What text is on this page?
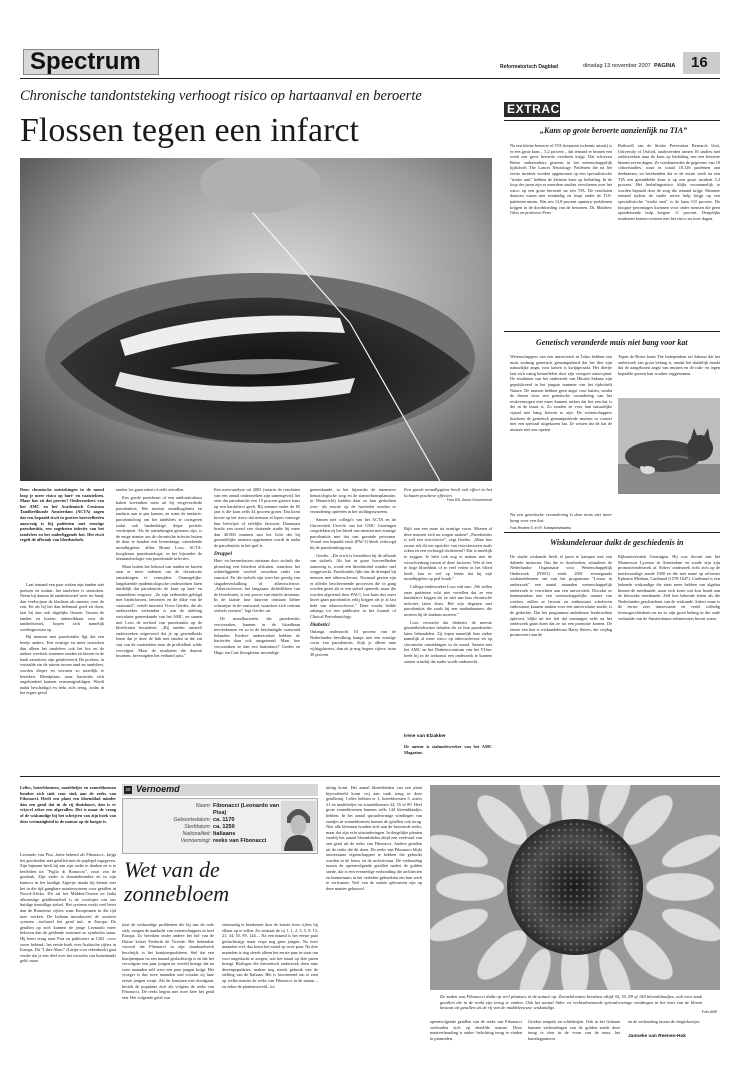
Spectrum	Reformatorisch Dagblad	dinsdag 13 november 2007 PAGINA 16
Chronische tandontsteking verhoogt risico op hartaanval en beroerte
Flossen tegen een infarct
Door chronische ontstekingen in de mond loop je meer risico op hart- en vaatziekten. Maar hoe zit dat precies? Onderzoekers van het AMC en het Academisch Centrum Tandheelkunde Amsterdam (ACTA) zagen dat een bepaald eiwit in grotere hoeveelheden aanwezig is bij patiënten met ernstige parodontitis, een zogeheten infectie van het tandvlees en het onderliggende bot. Het eiwit regelt de afbraak van bloedstolsels.

Laat iemand een paar weken zijn tanden niet poetsen en zodaar, het tandvlees is ontstoken. Neem bij daarna de tandenborstel weer ter hand, dan verdwijnen de klachten als sneeuw voor de zon. En als bij het dan helemaal goed zit doen, laat hij dan ook dagelijks flossen. Tussen de tanden en kiezen, onbereikbaar voor de tandenborstel, hopen zich namelijk voedingsresten op.

Bij mensen met parodontitis ligt dat een beetje anders. Een ernstige en meer ontstoken dan alleen het tandvlees ook het bot en de andere weefsels waarmee tanden en kiezen in de kaak vastzitten, zijn geïnfecteerd. De pockets, in vertaalde zin de ruimte tussen tand en tandvlees, worden dieper en wermen zo moeilijk te bereiken. Bloedplaats waar bacteriën zich ongehinderd kunnen vermenigvuldigen. Wordt nadat beschadigd en trekt zich terug, zodat in het ergste geval

tanden los gaan zitten of zelfs uitvallen.

Een goede poetsbeurt of een antibioticakuur baken bovendien niets uit bij vergevorderde parodontitis. Het moeten mondhygiënist en tandarts aan te pas komen, en soms de tandarts-parodontoloog om het tandvlees te corrigeren zodat ook hardnekkige, diepe pockets verdwijnen. Als de ontstekingen genezen zijn, is de enige manier om de chronische infectie buiten de deur te houden een levenslange, uitstekende mondhygiëne, aldus Bruno Loos, ACTA-hoogleraar parodontologie, in het bijzonder de immunobiologie van parodontale infecties.

Maar buiten het behoud van tanden en kiezen zien er meer redenen om de chronische ontstekingen te vermijden. Onmogelijke, langdurende epidemiologische onderzoeken laten duidelijk dat parodontitis de kans op hart- en vaatziekten vergroot. „Ze zijn verbonden geldigd met hartinfarcten, beroertes en de dikte van de vaatwand”, vertelt internist Victor Gerdes, die als onderzoeker verbonden is aan de afdeling vasculaire geneeskunde van het AMC. en samen met Loos de invloed van parodontitis op de bloedvaten bestudeert. „Bij tanden uitsterft onderzoeken uitgevoerd dat je op gezondheids lenen dat je deze de link met tanden in die zin van van de vaatziekten naar de prolfielbak wilde vervolgen. Maar de resultaten die daaruit kwamen, bevestigden het verband juist.”

Een meta-analyse uit 2003 (waarin de resultaten van een aantal onderzoeken zijn samengevat) liet zien dat parodontitis een 19 procent grotere kans op een hartinfarct geeft. Bij mensen onder de 65 jaar is die kans zelfs 44 procent groter. Dat komt boven op het risico dat mensen al lopen vanwege hun leefwijze of erfelijke factoren. Daarnaast bracht een tweed vier duizende studie bij meer dan 40.000 mannen aan het licht dat bij gezondelijke mensen opgenomen wordt in nadat de parodontitis in het spel is.

Druppel

Hart- en hersenfarcten ontstaan door stolsels die plotseling een bloedvat afsluiten, waardoor het achterliggende weefsel verstoken raakt van zuurstof. En die stolsels zijn weer het gevolg van slagaderverkalking of atherosclerose. „Atherosclerose, het langzaam dichtslibben van de bloedvaten, is een proces van enkele decennia. In de laatste fase daarvan ontstaan kleine scheurtjes in de vaatwand, waardoor zich continu stolsels vormen”, legt Gerdes uit.

De mondbacteriën die parodontitis veroorzaken, kunnen in de bloedbaan terechtkomen en zo in de beschadigde vaatwand belanden. Eerdere onderzoeken hebben de bacteriën daar ook aangetoond. Maar hoe veroorzaken ze dan een hartinfarct? Gerdes en Hugo ten Cate (hoogleraar inwendige

geneeskunde, in het bijzonder de intensieve hematologische zorg en de stamceltransplantatie, in Maastricht) hadden daar zo hun gedachten over: als reactie op de bacteriën zouden er verandering optreden in het stollingssysteem.

Samen met collega's van het ACTA en de Universiteit Utrecht van het UMC Groningen vergelekten zij het bloed van mensen met ernstige parodontitis met dat van gezonde personen. Vooral een bepaald eiwit (PAI-1) bleek verhoogd bij de parodontitisgroep.

Gerdes: „Dit eiwit is betrokken bij de afbraak van stolsels. Als het in grote hoeveelheden aanwezig is, wordt een bloedstolsel minder snel weggewerkt. Parodontitis lijkt dus de drempel bij mensen met atherosclerose. Normaal gezien zijn er allerlei beschermende processen die in gang worden gezet als er een stolsel optreedt, maar die worden afgeremd door PAI-1, hoe kans dus meer bezet gaan parodontitis erbij krijgen als je al last hebt van atherosclerose.” Deze vondst leidde onlangs tot een publicatie in het Journal of Clinical Periodontology.

Diabetici

Onlangs onderzocht 10 procent van de Nederlandse bevolking kampt met een ernstige vorm van parodontitis. Kijk je alleen naar vijftigplussers, dan zit je nog hogere cijfers: ruim 30 procent

Een goede mondhygiëne heeft ook effect in het lichaam positieve effecten.
Foto RD, Anton Dommerholt

Bijft aan een mate tot ernstige vorm. Moeten al deze mensen zich nu zorgen maken? „Parodontitis is zelf een risicofactor”, zegt Gerdes. „Maar hoe zwaar telt dit ten opzichte van risicofactoren zoals roken en een verhoogd cholesterol? Dat is moeilijk te zeggen. Je hebt ook nog te maken met de wisselwerking tussen al deze factoren. Wie al een te hoge bloeddruk of te veel vetten in het bloed heeft, kan er wel op letten dat hij zijn mondhygiëne op peil houdt.”

Collega-onderzoeker Loos valt aan: „We zullen onze patiënten echt niet vertellen dat ze een hartinfarct krijgen als ze niet aan hun chronische infecties laten doen. Het zijn degenen met parodontitis die zoals bij een tandenkunnen, die moeten bij de tandarts moeten.”

Loos verwacht dat diabetici de meeste gezondheidswinst behalen als ze hun parodontitis laten behandelen. Zij lopen namelijk hun ziekte namelijk al meer risico op atherosclerose en op chronische ontstekingen in de mond. Samen met het AMC en het Diabetescentrum van het VUmc heeft hij in de toekomst een onderzoek te kunnen starten waarbij dat nader wordt onderzocht.

Irene van Elzakker
De auteur is stafmedewerker van het AMC Magazine.
EXTRACT
„Kans op grote beroerte aanzienlijk na TIA”
Na een kleine beroerte of TIA (transient ischemic attack) is er een grote kans – 5,2 procent – dat iemand er binnen een week een grote beroerte overheen krijgt. Dat schreven Britse onderzoekers gisteren in het wetenschappelijk tijdschrift The Lancet Neurology. Patiënten die na het eerste incident worden opgenomen op een specialistische "stroke unit" hebben de kleinste kans op herhaling. In de loop der jaren zijn er meerdere studies verschenen over het risico op een grote beroerte na een TIA. De resultaten daarvan waren niet eenduidig en loopt onder de TIA-patiënten uiteen. Wat een 12,8 procent opnieuw problemen krijgen in de doorbloeding van de hersenen. Dr. Matthew Giles en professor Peter
Rothwell van de Stroke Prevention Research Unit, University of Oxford, analyseerden samen 18 studies met onderzoeken naar de kans op herhaling van een beroerte binnen zeven dagen. Ze combineerden de gegevens van 18 cohortstudies, waar in totaal 10.126 patiënten aan deelnamen, en berekenden dat er de eerste week na een TIA een gemiddelde kans is op een groot incident 5,2 procent. Het herhalingsrisico blijkt voornamelijk te worden bepaald door de zorg die iemand krijgt. Wanneer iemand tijdens de studie eerste hulp krijgt op een specialistische "stroke unit" is de kans 0,9 procent. De hoogste percentages kwamen voor onder mensen die geen spoedeisende hulp kregen: 11 procent. Dergelijke resultaten komen overeen met het risico na twee dagen.
Genetisch veranderde muis niet bang voor kat
Wetenschappers van een universiteit in Tokio hebben een muis zodanig genetisch gemanipuleerd dat het dier zijn natuurlijke angst voor katten is kwijtgeraakt. Het diertje laat zich rustig besnuffelen door zijn vroegere aartsvijand. De resultaten van het onderzoek van Hitoshi Sakano zijn gepubliceerd in het jongste nummer van het tijdschrift Nature. De muizen hebben geen angst voor katten, omdat de dieren door een genetische verandering van het reukvermogen niet meer kunnen ruiken dat het een kat is die in de buurt is. Zo zouden ze voor hun natuurlijke vijand niet bang hoeven te zijn. De wetenschappers brachten de genetisch gemanipuleerde muizen in contact met een speciaal uitgekozen kat. Ze wisten dat de kat de muizen niet zou opeten.
Tegen de Britse krant The Independent zei Sakano dat het onderzoek van groot belang is, omdat het duidelijk maakt dat de aangeboren angst van muizen en de ruik- en tegen bepaalde geuren kan worden veggenomen.
Na een genetische verandering is deze muis niet meer bang voor een kat.
Foto Reuters S. en R. Kobayashi/naatha
Wiskundeleraar duikt de geschiedenis in
De studie wiskunde heeft al jaren te kampen met een dalende instroom. Om die te doorbreken, stimuleert de Nederlandse Organisatie voor Wetenschappelijk Onderzoek (NWO) sinds 2001 eerstegraads wiskundeleraren om van het programma "Leraar in onderzoek" een aantal maanden wetenschappelijk onderzoek te verrichten aan een universiteit. Doordat ze kennismaken met een wetenschappelijke manier van werken, zullen ze bewust en enthousiast scholieren enthousiast kunnen maken voor een universitaire studie, is de gedachte. Dat het programma ambitieuze leerkrachten oplevert, blijkt uit het feit dat sommigen zelfs na het onderzoek gaan doen dat ze tot een promotie komen. De eerste van hen is wiskundeleraar Harry Sitters, die vrijdag promoveert aan de
Rijksuniversiteit Groningen. Hij was docent aan het Montessori Lyceum in Amsterdam en ronde zijn zijn promotieonderzoek af. Sitters' onderzoek richt zich op de merkwaardige zonde 1900 en die met name op reformer Ephraim Meehan, Cardinaal (1578-1647). Cardinaal is een bekende wiskundige die niets meer hebben van algebra binnen de meetkunde, maar zich korte wat kort houdt aan de klassieke meetkunde. Zelf hen bekende feiten als die Nederlandse geschiedenis van de wiskunde. Sitters maar is de eerste zeer interessante en vertel volledig levensgeschiedenis en na zo zijn groot belang in die oude verhaalde van de Amsterdamse telemeesters boven water.
Lelies, boterbloemen, madeliefjes en zonnebloemen houden zich stuk voor stuk aan de reeks van Fibonacci. Heeft een plant een bloemblad minder dan een getal dat in de rij thuishoort, dan is er vrijwel zeker een afgevallen. Het is maar de vraag of de wiskundige bij het schrijven van zijn boek van deze wetmatigheid in de natuur op de hoogte is.
Leonardo van Pisa –beter bekend als Fibonacci– krijgt het gescheiden met getallen met de paplepel ingegeven. Zijn bijnaam heeft hij aan zijn vader te danken en is te herleiden tot "Figlio di Bonaccio", zoon van de goedzak. Zijn vader is douanebeambte en in zijn kantoor in het huidige Algerije maakt hij kennis met het in die tijd gangbare notatiesysteem voor getallen in Noord-Afrika. Dit uit het Midden-Oosten en India afkomstige getallenstelsel is de voorloper van ons huidige tientallige stelsel. Het systeem werkt veel beter dan de Romeinse cijfers waar Europeanen in die tijd mee werken. De Italiaan introduceert de oosterse systeem –inclusief het getal nul– in Europa. De getallen op zich kunnen de jonge Leonardo meer bekoren dan de geldende waarmee zo symbolen staan. Hij keert terug naar Pisa en publiceert in 1202 –voor zover bekend– het eerste boek over Arabische cijfers in Europa. Dit "Liber Abaci" (Latijn voor rekenboek) gaat verder dat je een deel over het wisselen van buitenlands geld, maar
20 Vernoemd
Naam:
Geboortedatum:
Sterfdatum:
Nationaliteit:
Vernoemingi:
Fibonacci (Leonardo van Pisa)
ca. 1170
ca. 1250
Italiaans
reeks van Fibonacci
Wet van de zonnebloem
juist de wiskundige problemen die hij aan de orde stelt, vangen de aandacht van wetenschappers in heel Europa. Zo bereiken onder andere het hof van de Duitse keizer Frederik de Tweede. Het bekendste voorval dat Fibonacci in zijn standaardwerk beschrijft, is het konijnenprobleem. Stel dat een konijnenpaar na een maand geslachtsrijp is en dat het vervolgens een paar jongen ter wereld brengt, dat na twee maanden zelf weer een paar jongen krijgt. Het vroeger is dus twee maanden oud voordat zij haar eerste jongen werpt. Als de konijnen niet doodgaan, bestelt de populatie zich als volgens de reeks van Fibonacci. De reeks begint met twee keer het getal een. Het volgende getal van
eenvoudig te berekenen door de laatste twee cijfers bij elkaar op te tellen. Zo ontstaat de rij 1, 1, 2, 3, 5, 8, 13, 21, 34, 55, 89, 144,... Na een maand is het eerste paar geslachtsrijp: maar verpt nog geen jongen. Na twee maanden wel, dus komt het totaal op twee paar. Na drie maanden is nog steeds alleen het eerste paar in staat om voor nageslacht te zorgen, wat het totaal op drie paren brengt. Biologen die theoretisch onderzoek doen naar dierenpopulaties, maken nog steeds gebruik van de stelling van de Italiaan. Het is fascinerend om te zien op welke manier de reeks van Fibonacci in de natuur –en zeker de plantenwereld– tot
uiting komt. Het aantal bloembladen van een plant bijvoorbeeld komt vrij aan vaak terug in deze getallenrij. Lelies hebben er 3, boterbloemen 5, asters 21 en madeliefjes en zonnebloemen 34, 55 of 89. Heel grote zonnebloemen kunnen zelfs 144 bloemblaadjes hebben. In het aantal spiraalvormige windingen van zaadjes in zonnebloemen komen de getallen ook terug. Niet alle bloemen houden zich aan de beroemde reeks, maar dat zijn echt uitzonderingen. In dergelijke planten vaarbij het aantal bloembladen altijd een veelvoud van een getal uit de reeks van Fibonacci. Andere getallen uit de reeks die dit doen. De reeks van Fibonacci blijkt interessante eigenschappen te hebben die gebruikt worden in de bouw en de architectuur. De verhouding tussen de opeenvolgende getallen nadert de gulden snede, dat is een evenredige verhouding die architecten en kunstenaars in het verleden gebruikten om hun werk te verfraaien. Veel van de oudste gebouwen zijn op deze manier gebouwd.
De zaden van Fibonacci duikt op veel plaatsen in de natuur op. Zonnebloemen bevatten altijd 34, 55, 89 of 144 bloemblaadjes, ook voor zaak getallen die in de reeks zijn terug te vinden. Ook het aantal links- en rechtsdraaiende spiraalvormige windingen in het hart van de bloem bestaat uit getallen uit de rij van de middeleeuwse wiskundige.
Foto ANP
opeenvolgende getallen van de reeks van Fibonacci verhouden zich op dezelfde manier. Deze maatverhouding is onder- belichting terug te vinden in piramiden,
Griekse tempels en schilderijen. Ook in het lichaam kunnen verhoudingen van de gulden snede deze terug te zien in de vorm van de neus, het hartslagpatroon
en de verhouding tussen de vingerkootjes.
Janneke van Reenen-Hak
